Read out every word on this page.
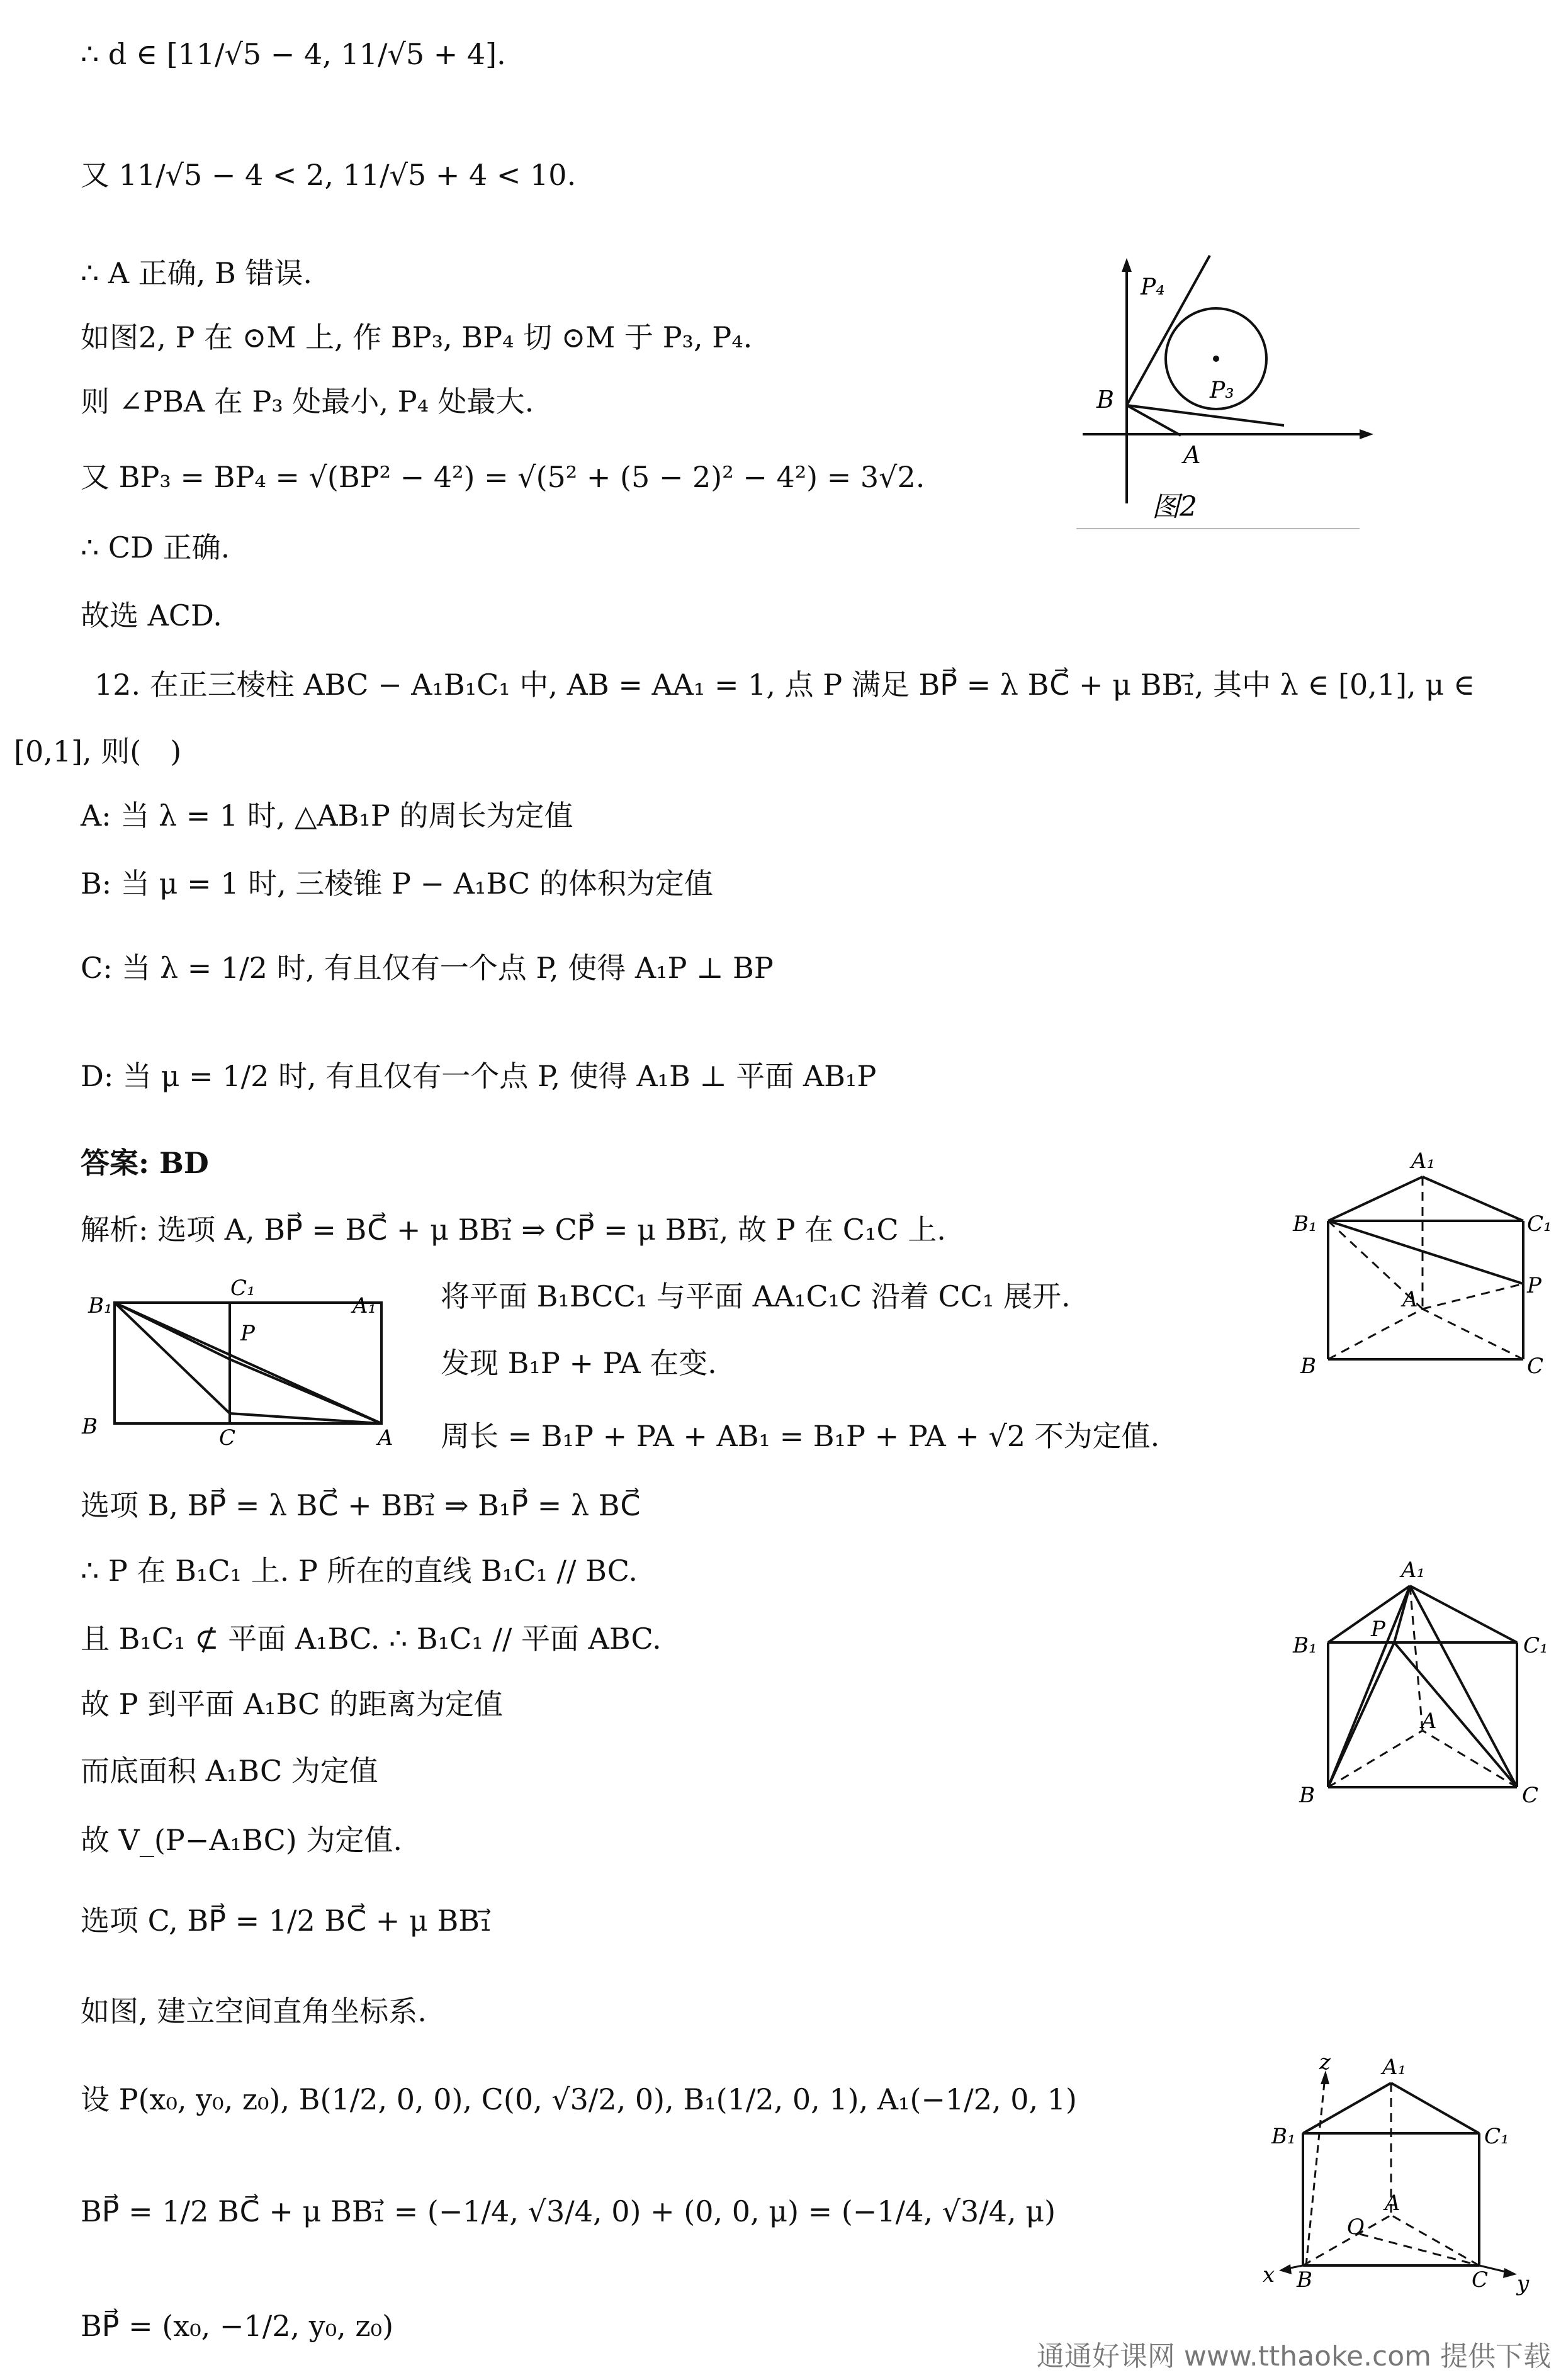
∴ d ∈ [11/√5 − 4, 11/√5 + 4].
又 11/√5 − 4 < 2, 11/√5 + 4 < 10.
∴ A 正确, B 错误.
如图2, P 在 ⊙M 上, 作 BP₃, BP₄ 切 ⊙M 于 P₃, P₄.
则 ∠PBA 在 P₃ 处最小, P₄ 处最大.
又 BP₃ = BP₄ = √(BP² − 4²) = √(5² + (5 − 2)² − 4²) = 3√2.
∴ CD 正确.
故选 ACD.
12. 在正三棱柱 ABC − A₁B₁C₁ 中, AB = AA₁ = 1, 点 P 满足 BP⃗ = λ BC⃗ + μ BB₁⃗, 其中 λ ∈ [0,1], μ ∈
[0,1], 则(　)
A: 当 λ = 1 时, △AB₁P 的周长为定值
B: 当 μ = 1 时, 三棱锥 P − A₁BC 的体积为定值
C: 当 λ = 1/2 时, 有且仅有一个点 P, 使得 A₁P ⊥ BP
D: 当 μ = 1/2 时, 有且仅有一个点 P, 使得 A₁B ⊥ 平面 AB₁P
答案: BD
解析: 选项 A, BP⃗ = BC⃗ + μ BB₁⃗ ⇒ CP⃗ = μ BB₁⃗, 故 P 在 C₁C 上.
将平面 B₁BCC₁ 与平面 AA₁C₁C 沿着 CC₁ 展开.
发现 B₁P + PA 在变.
周长 = B₁P + PA + AB₁ = B₁P + PA + √2 不为定值.
选项 B, BP⃗ = λ BC⃗ + BB₁⃗ ⇒ B₁P⃗ = λ BC⃗
∴ P 在 B₁C₁ 上. P 所在的直线 B₁C₁ // BC.
且 B₁C₁ ⊄ 平面 A₁BC. ∴ B₁C₁ // 平面 ABC.
故 P 到平面 A₁BC 的距离为定值
而底面积 A₁BC 为定值
故 V_(P−A₁BC) 为定值.
选项 C, BP⃗ = 1/2 BC⃗ + μ BB₁⃗
如图, 建立空间直角坐标系.
设 P(x₀, y₀, z₀), B(1/2, 0, 0), C(0, √3/2, 0), B₁(1/2, 0, 1), A₁(−1/2, 0, 1)
BP⃗ = 1/2 BC⃗ + μ BB₁⃗ = (−1/4, √3/4, 0) + (0, 0, μ) = (−1/4, √3/4, μ)
BP⃗ = (x₀, −1/2, y₀, z₀)
P₄
B	P₃
A
图2
A₁
B₁	C₁
P
A
B	C
B₁
C₁
A₁
P
B	C	A
A₁
B₁	C₁
P
A
B	C
z A₁
B₁	C₁
O
A
x B	C y
通通好课网 www.tthaoke.com 提供下载
